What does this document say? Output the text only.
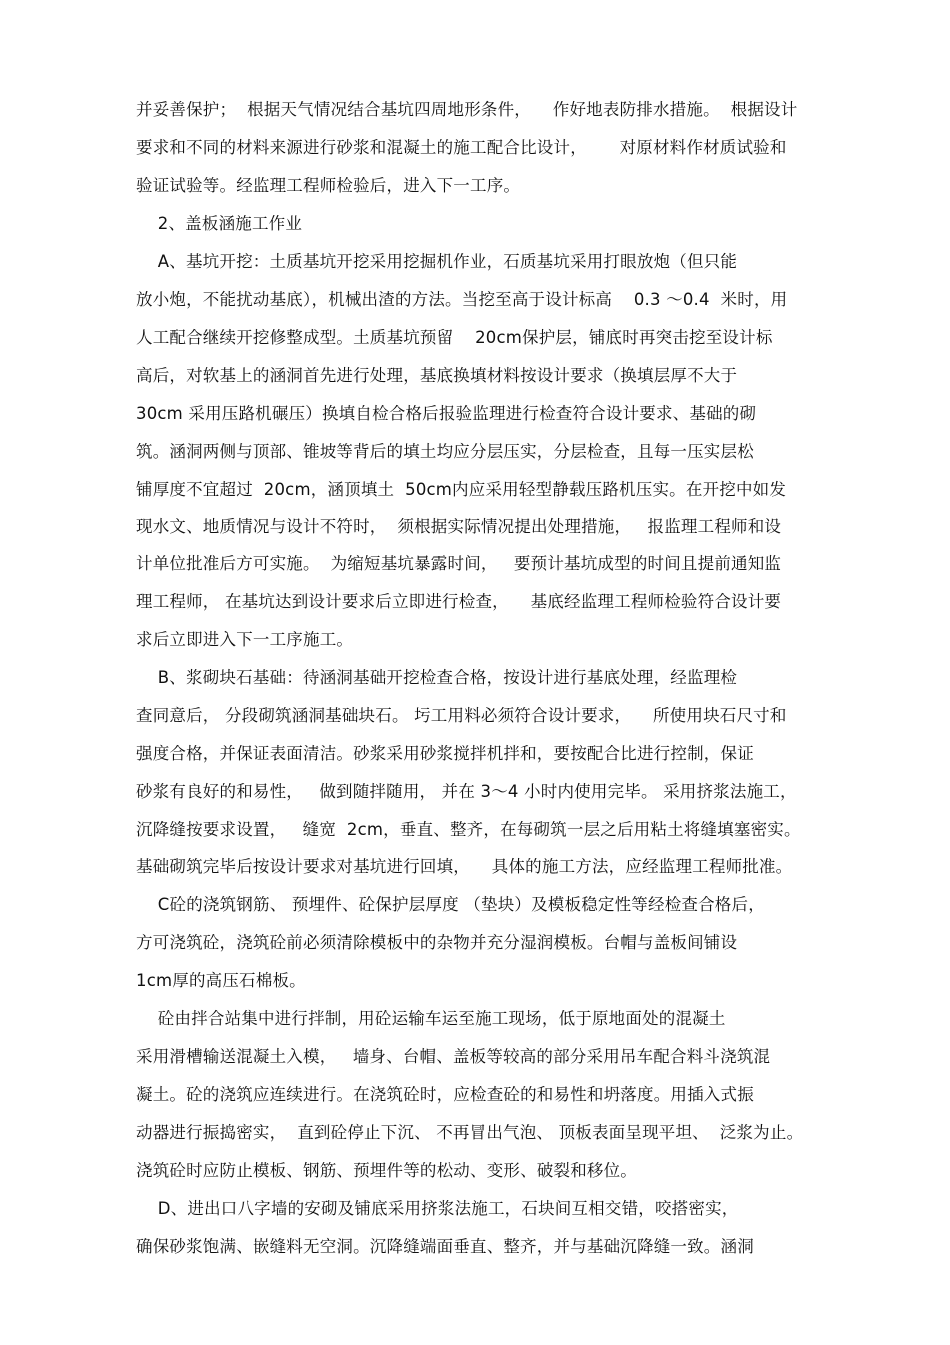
并妥善保护；  根据天气情况结合基坑四周地形条件，    作好地表防排水措施。  根据设计
要求和不同的材料来源进行砂浆和混凝土的施工配合比设计，      对原材料作材质试验和
验证试验等。经监理工程师检验后，进入下一工序。
2、盖板涵施工作业
A、基坑开挖：土质基坑开挖采用挖掘机作业，石质基坑采用打眼放炮（但只能
放小炮，不能扰动基底），机械出渣的方法。当挖至高于设计标高    0.3 ～0.4  米时，用
人工配合继续开挖修整成型。土质基坑预留    20cm保护层，铺底时再突击挖至设计标
高后，对软基上的涵洞首先进行处理，基底换填材料按设计要求（换填层厚不大于
30cm 采用压路机碾压）换填自检合格后报验监理进行检查符合设计要求、基础的砌
筑。涵洞两侧与顶部、锥坡等背后的填土均应分层压实，分层检查，且每一压实层松
铺厚度不宜超过  20cm，涵顶填土  50cm内应采用轻型静载压路机压实。在开挖中如发
现水文、地质情况与设计不符时，  须根据实际情况提出处理措施，   报监理工程师和设
计单位批准后方可实施。  为缩短基坑暴露时间，   要预计基坑成型的时间且提前通知监
理工程师， 在基坑达到设计要求后立即进行检查，    基底经监理工程师检验符合设计要
求后立即进入下一工序施工。
B、浆砌块石基础：待涵洞基础开挖检查合格，按设计进行基底处理，经监理检
查同意后， 分段砌筑涵洞基础块石。 圬工用料必须符合设计要求，    所使用块石尺寸和
强度合格，并保证表面清洁。砂浆采用砂浆搅拌机拌和，要按配合比进行控制，保证
砂浆有良好的和易性，   做到随拌随用， 并在 3～4 小时内使用完毕。 采用挤浆法施工，
沉降缝按要求设置，   缝宽  2cm，垂直、整齐，在每砌筑一层之后用粘土将缝填塞密实。
基础砌筑完毕后按设计要求对基坑进行回填，    具体的施工方法，应经监理工程师批准。
C砼的浇筑钢筋、 预埋件、砼保护层厚度 （垫块）及模板稳定性等经检查合格后，
方可浇筑砼，浇筑砼前必须清除模板中的杂物并充分湿润模板。台帽与盖板间铺设
1cm厚的高压石棉板。
砼由拌合站集中进行拌制，用砼运输车运至施工现场，低于原地面处的混凝土
采用滑槽输送混凝土入模，   墙身、台帽、盖板等较高的部分采用吊车配合料斗浇筑混
凝土。砼的浇筑应连续进行。在浇筑砼时，应检查砼的和易性和坍落度。用插入式振
动器进行振捣密实，  直到砼停止下沉、 不再冒出气泡、 顶板表面呈现平坦、  泛浆为止。
浇筑砼时应防止模板、钢筋、预埋件等的松动、变形、破裂和移位。
D、进出口八字墙的安砌及铺底采用挤浆法施工，石块间互相交错，咬搭密实，
确保砂浆饱满、嵌缝料无空洞。沉降缝端面垂直、整齐，并与基础沉降缝一致。涵洞
